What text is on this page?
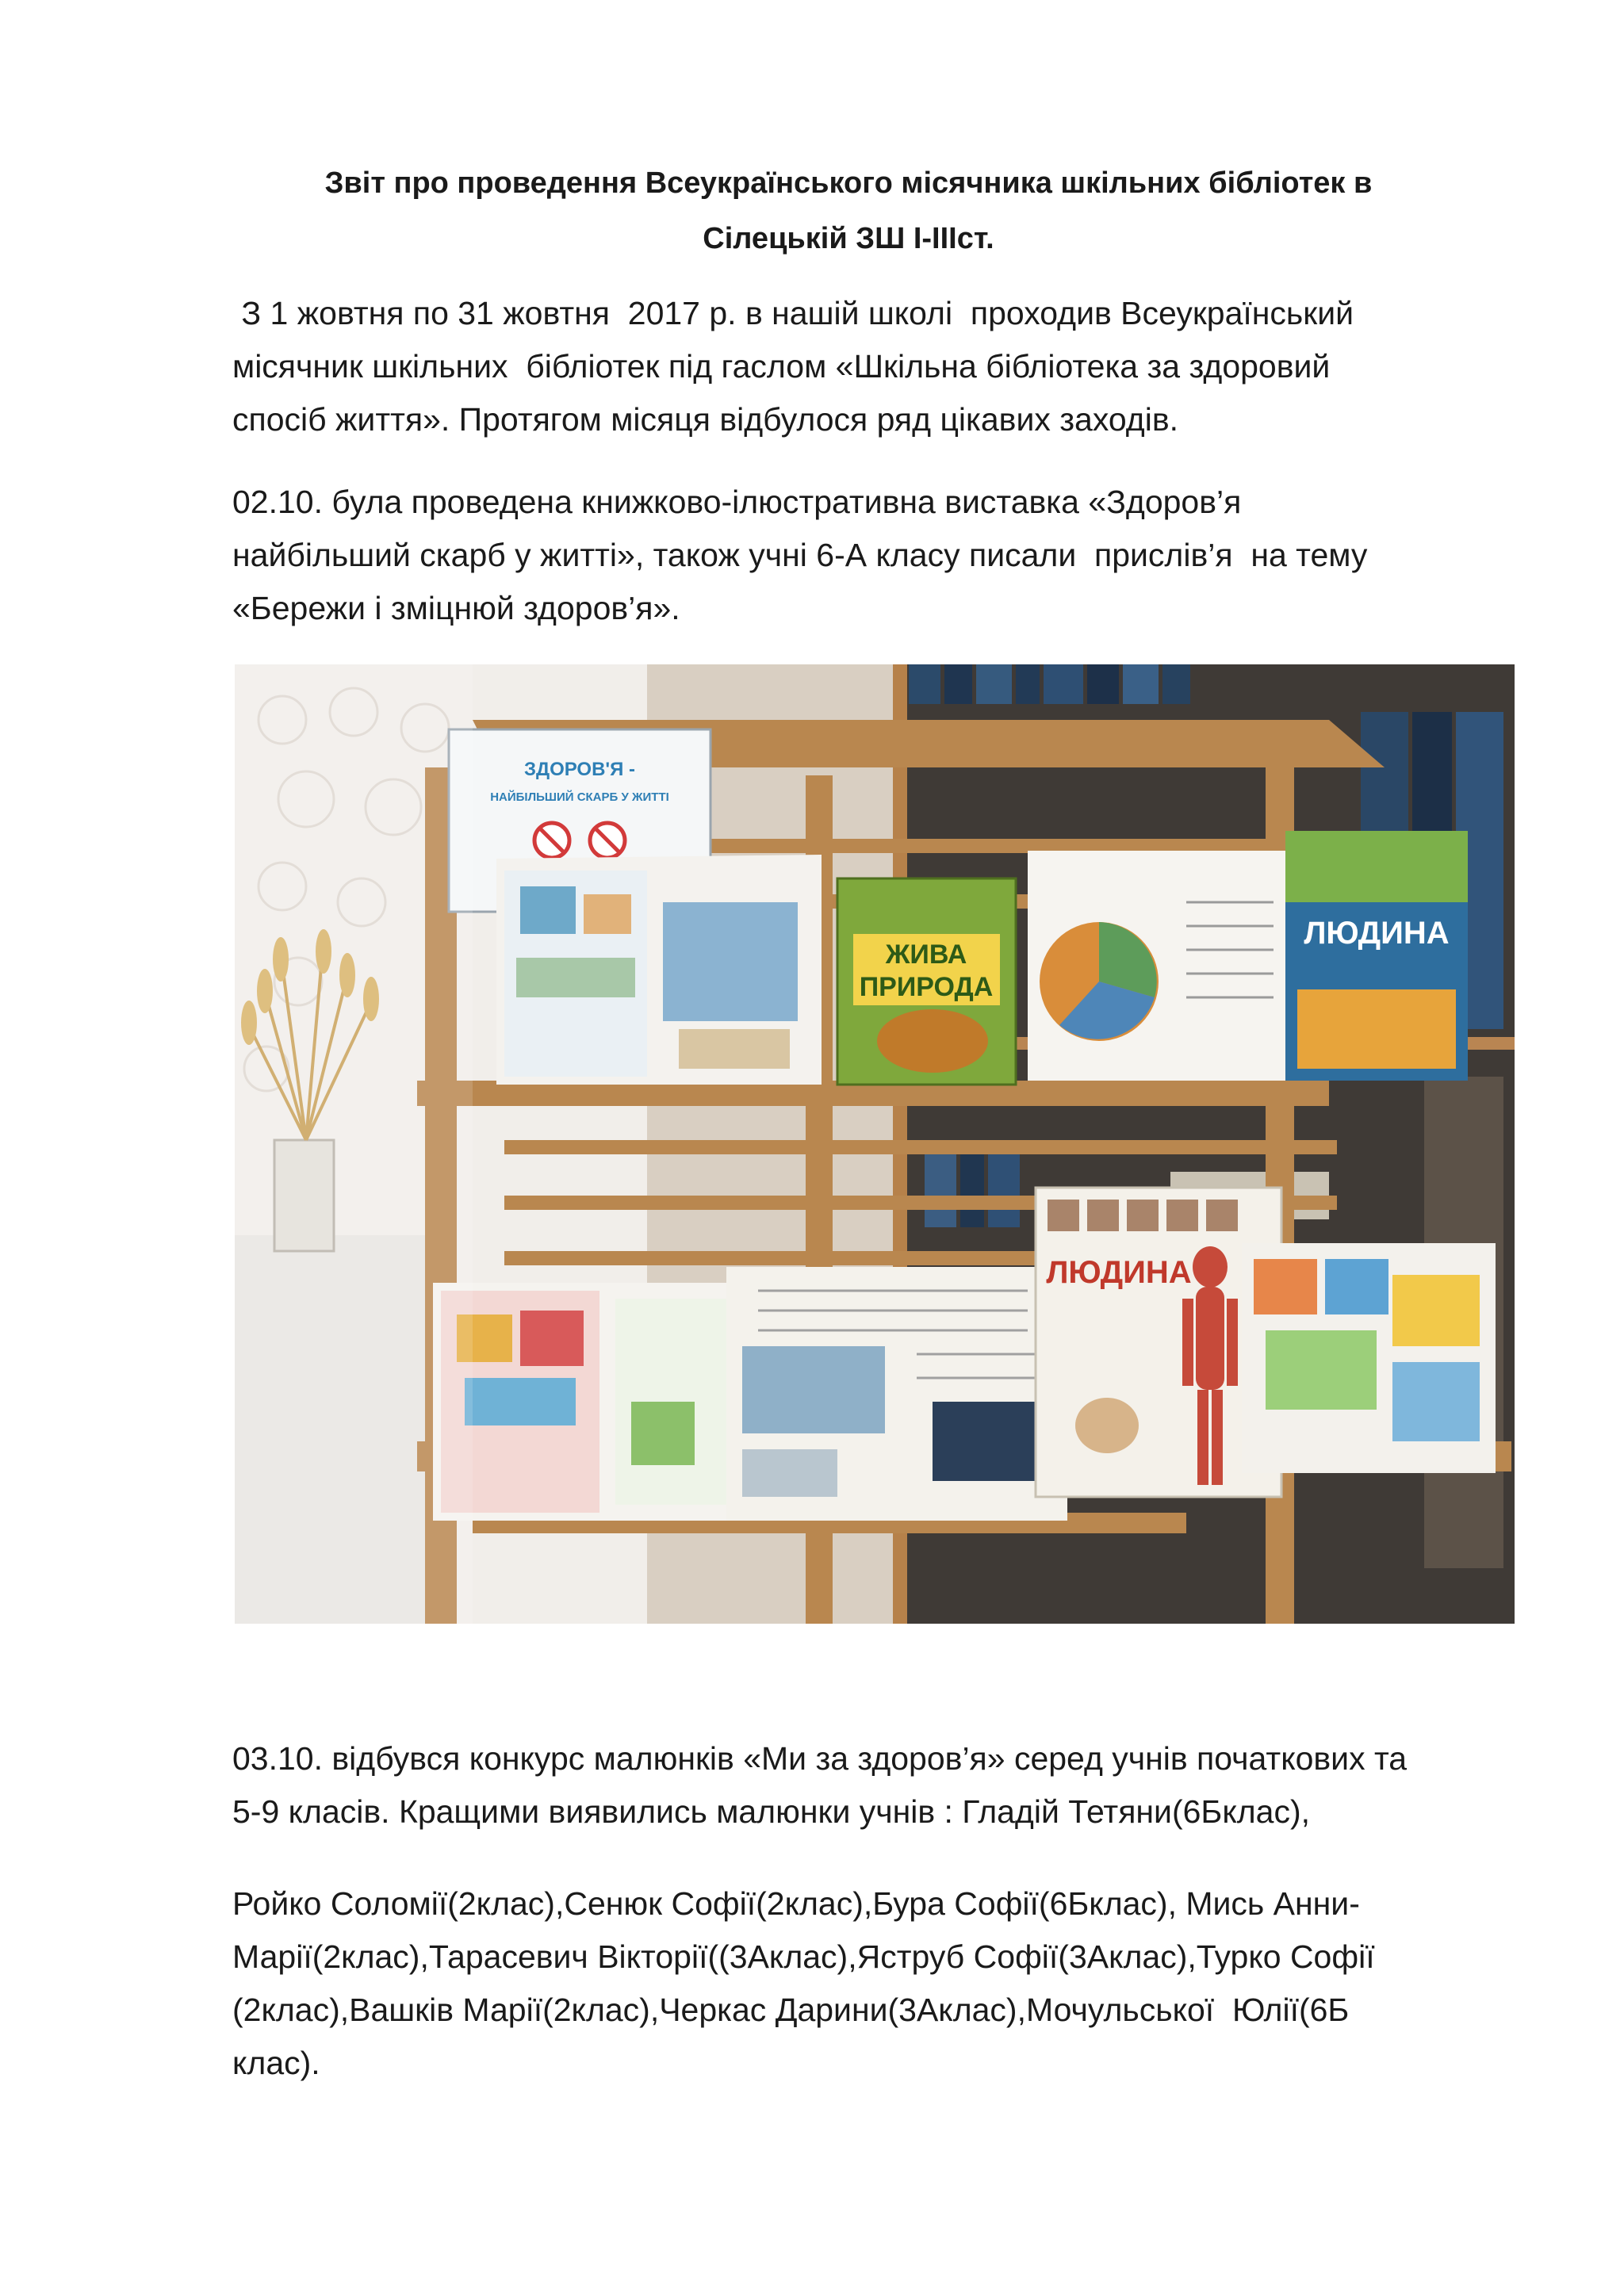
Звіт про проведення Всеукраїнського місячника шкільних бібліотек в
Сілецькій ЗШ І-ІІІст.
З 1 жовтня по 31 жовтня  2017 р. в нашій школі  проходив Всеукраїнський
місячник шкільних  бібліотек під гаслом «Шкільна бібліотека за здоровий
спосіб життя». Протягом місяця відбулося ряд цікавих заходів.
02.10. була проведена книжково-ілюстративна виставка «Здоров’я
найбільший скарб у житті», також учні 6-А класу писали  прислів’я  на тему
«Бережи і зміцнюй здоров’я».
ЗДОРОВ'Я -
НАЙБІЛЬШИЙ СКАРБ У ЖИТТІ
ЖИВА
ПРИРОДА
ЛЮДИНА
ЛЮДИНА
03.10. відбувся конкурс малюнків «Ми за здоров’я» серед учнів початкових та
5-9 класів. Кращими виявились малюнки учнів : Гладій Тетяни(6Бклас),
Ройко Соломії(2клас),Сенюк Софії(2клас),Бура Софії(6Бклас), Мись Анни-
Марії(2клас),Тарасевич Вікторії((3Аклас),Яструб Софії(3Аклас),Турко Софії
(2клас),Вашків Марії(2клас),Черкас Дарини(3Аклас),Мочульської  Юлії(6Б
клас).
